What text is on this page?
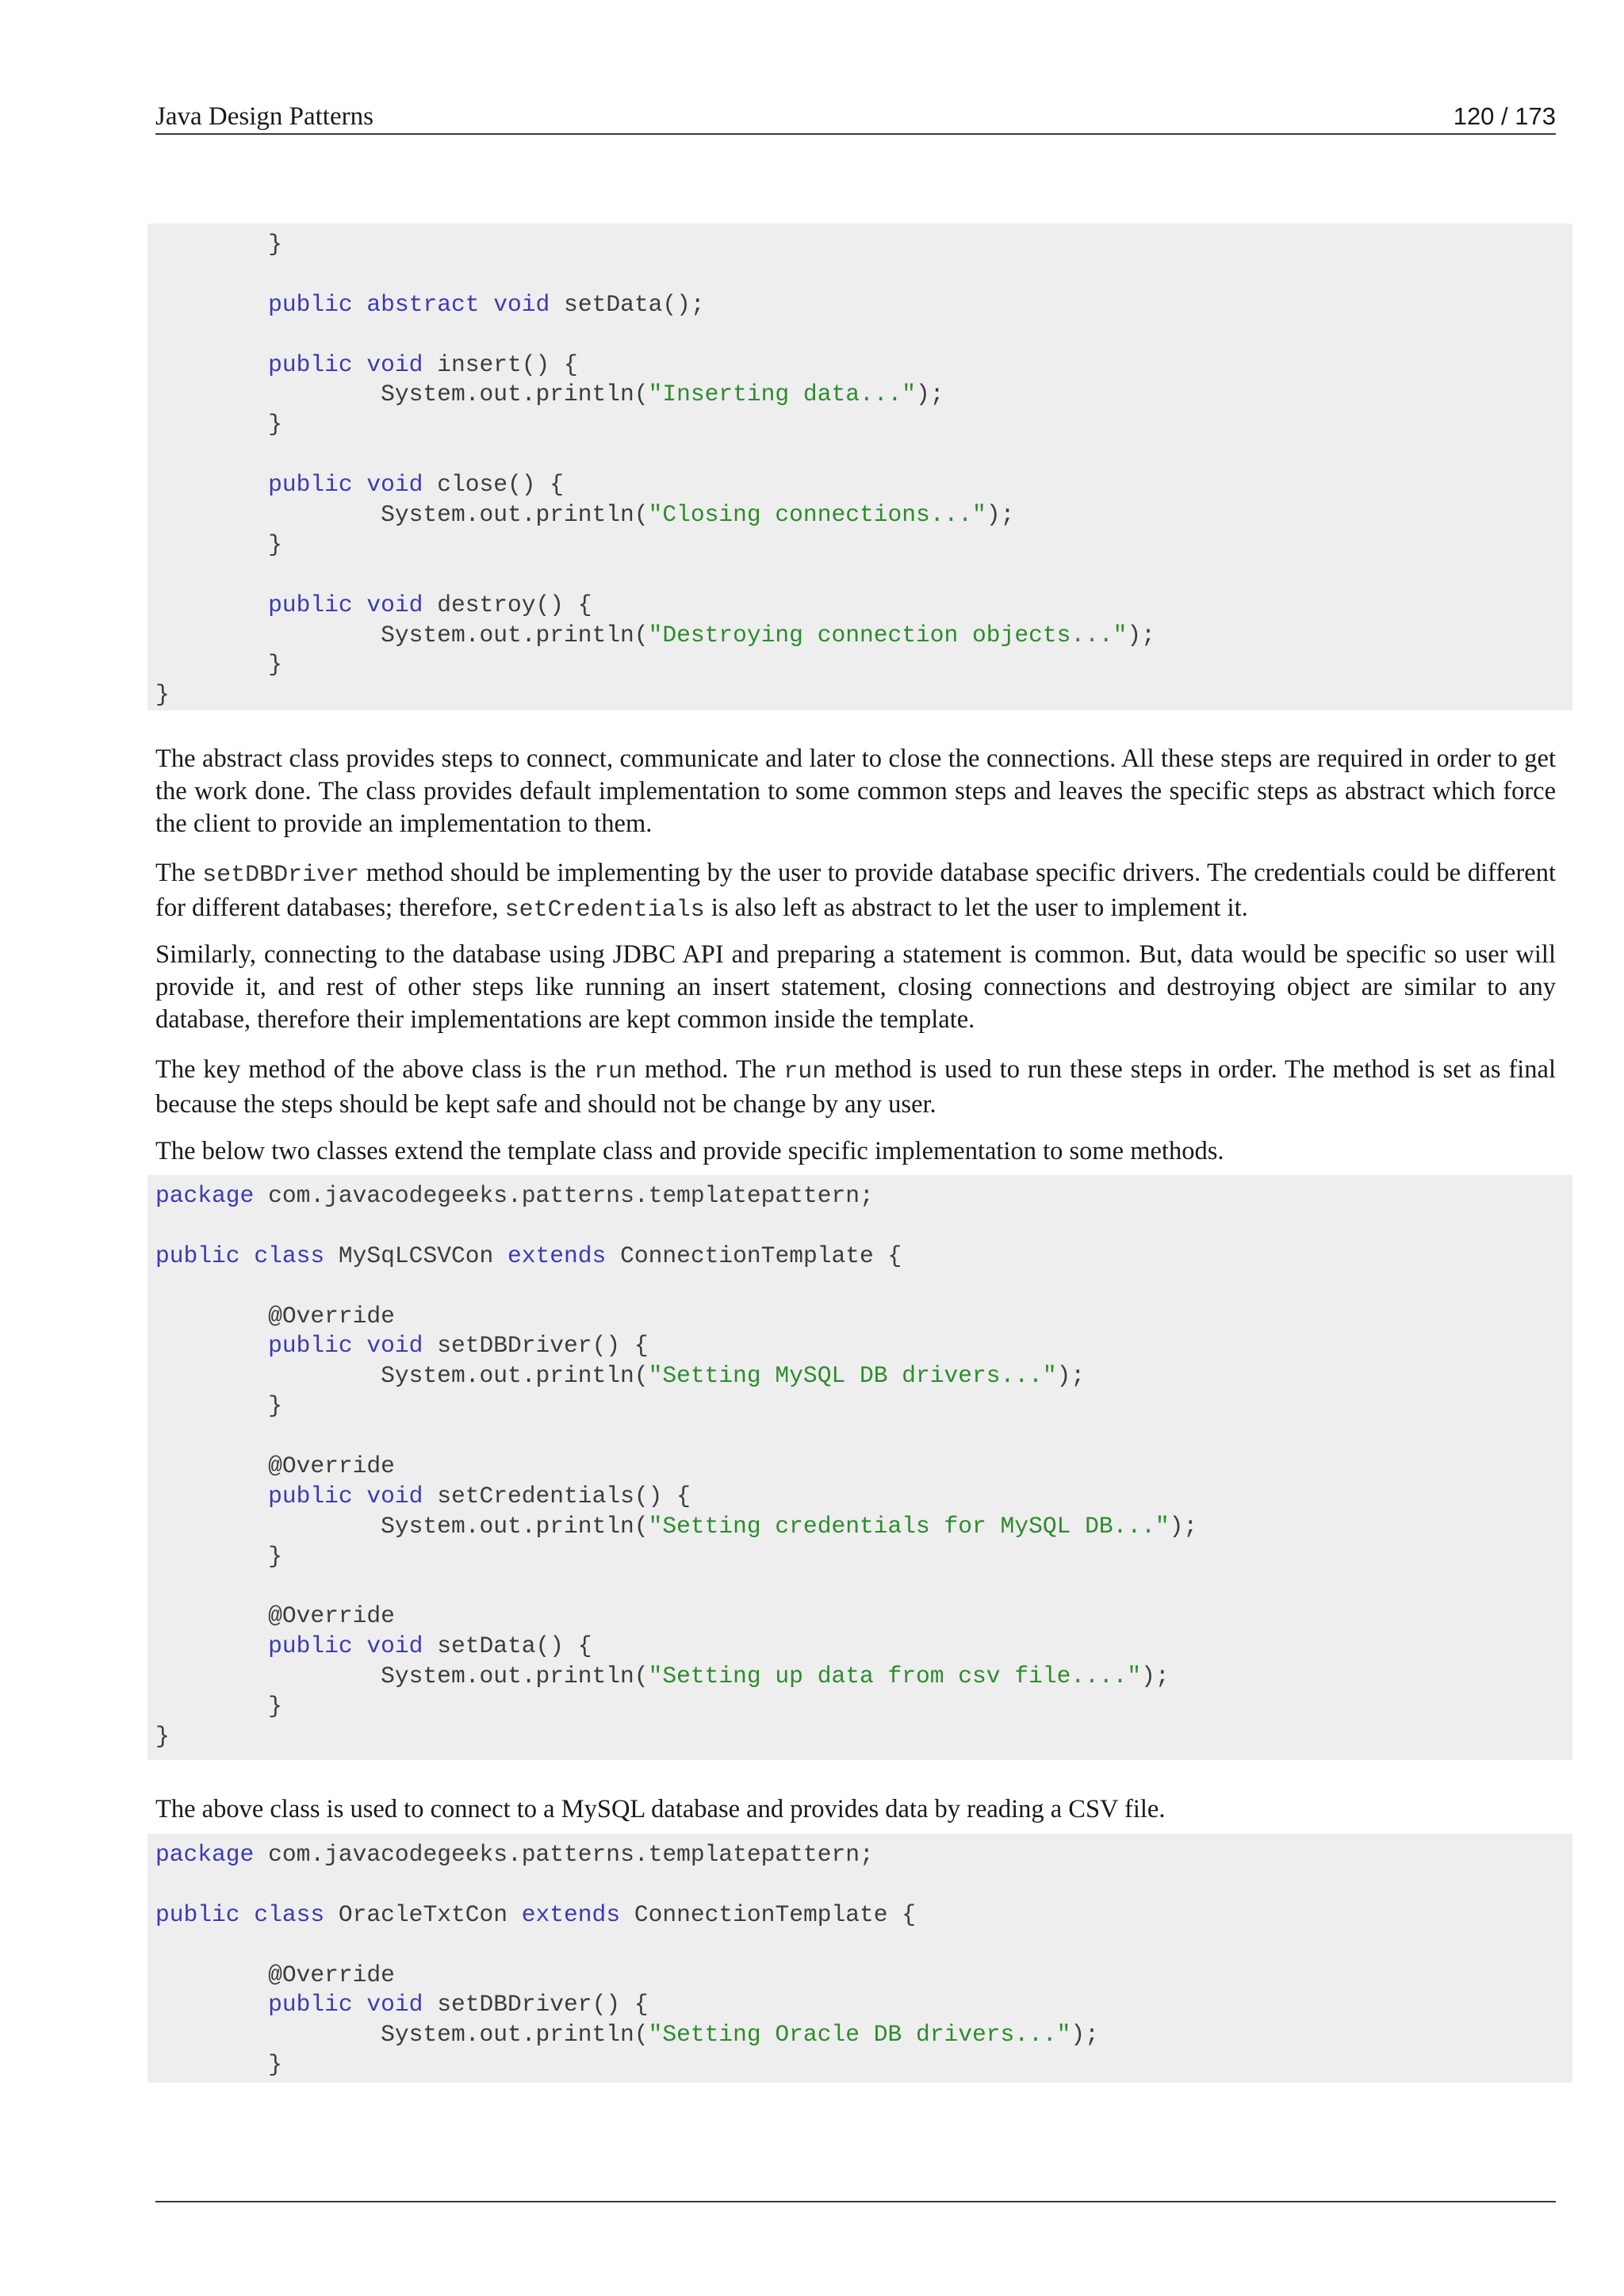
Java Design Patterns	120 / 173
}
public abstract void setData();
public void insert() {
System.out.println("Inserting data...");
}
public void close() {
System.out.println("Closing connections...");
}
public void destroy() {
System.out.println("Destroying connection objects...");
}
}

The abstract class provides steps to connect, communicate and later to close the connections. All these steps are required in order to get the work done. The class provides default implementation to some common steps and leaves the specific steps as abstract which force the client to provide an implementation to them.

The setDBDriver method should be implementing by the user to provide database specific drivers. The credentials could be different for different databases; therefore, setCredentials is also left as abstract to let the user to implement it.

Similarly, connecting to the database using JDBC API and preparing a statement is common. But, data would be specific so user will provide it, and rest of other steps like running an insert statement, closing connections and destroying object are similar to any database, therefore their implementations are kept common inside the template.

The key method of the above class is the run method. The run method is used to run these steps in order. The method is set as final because the steps should be kept safe and should not be change by any user.

The below two classes extend the template class and provide specific implementation to some methods.

package com.javacodegeeks.patterns.templatepattern;
public class MySqLCSVCon extends ConnectionTemplate {
@Override
public void setDBDriver() {
System.out.println("Setting MySQL DB drivers...");
}
@Override
public void setCredentials() {
System.out.println("Setting credentials for MySQL DB...");
}
@Override
public void setData() {
System.out.println("Setting up data from csv file....");
}
}

The above class is used to connect to a MySQL database and provides data by reading a CSV file.

package com.javacodegeeks.patterns.templatepattern;
public class OracleTxtCon extends ConnectionTemplate {
@Override
public void setDBDriver() {
System.out.println("Setting Oracle DB drivers...");
}
